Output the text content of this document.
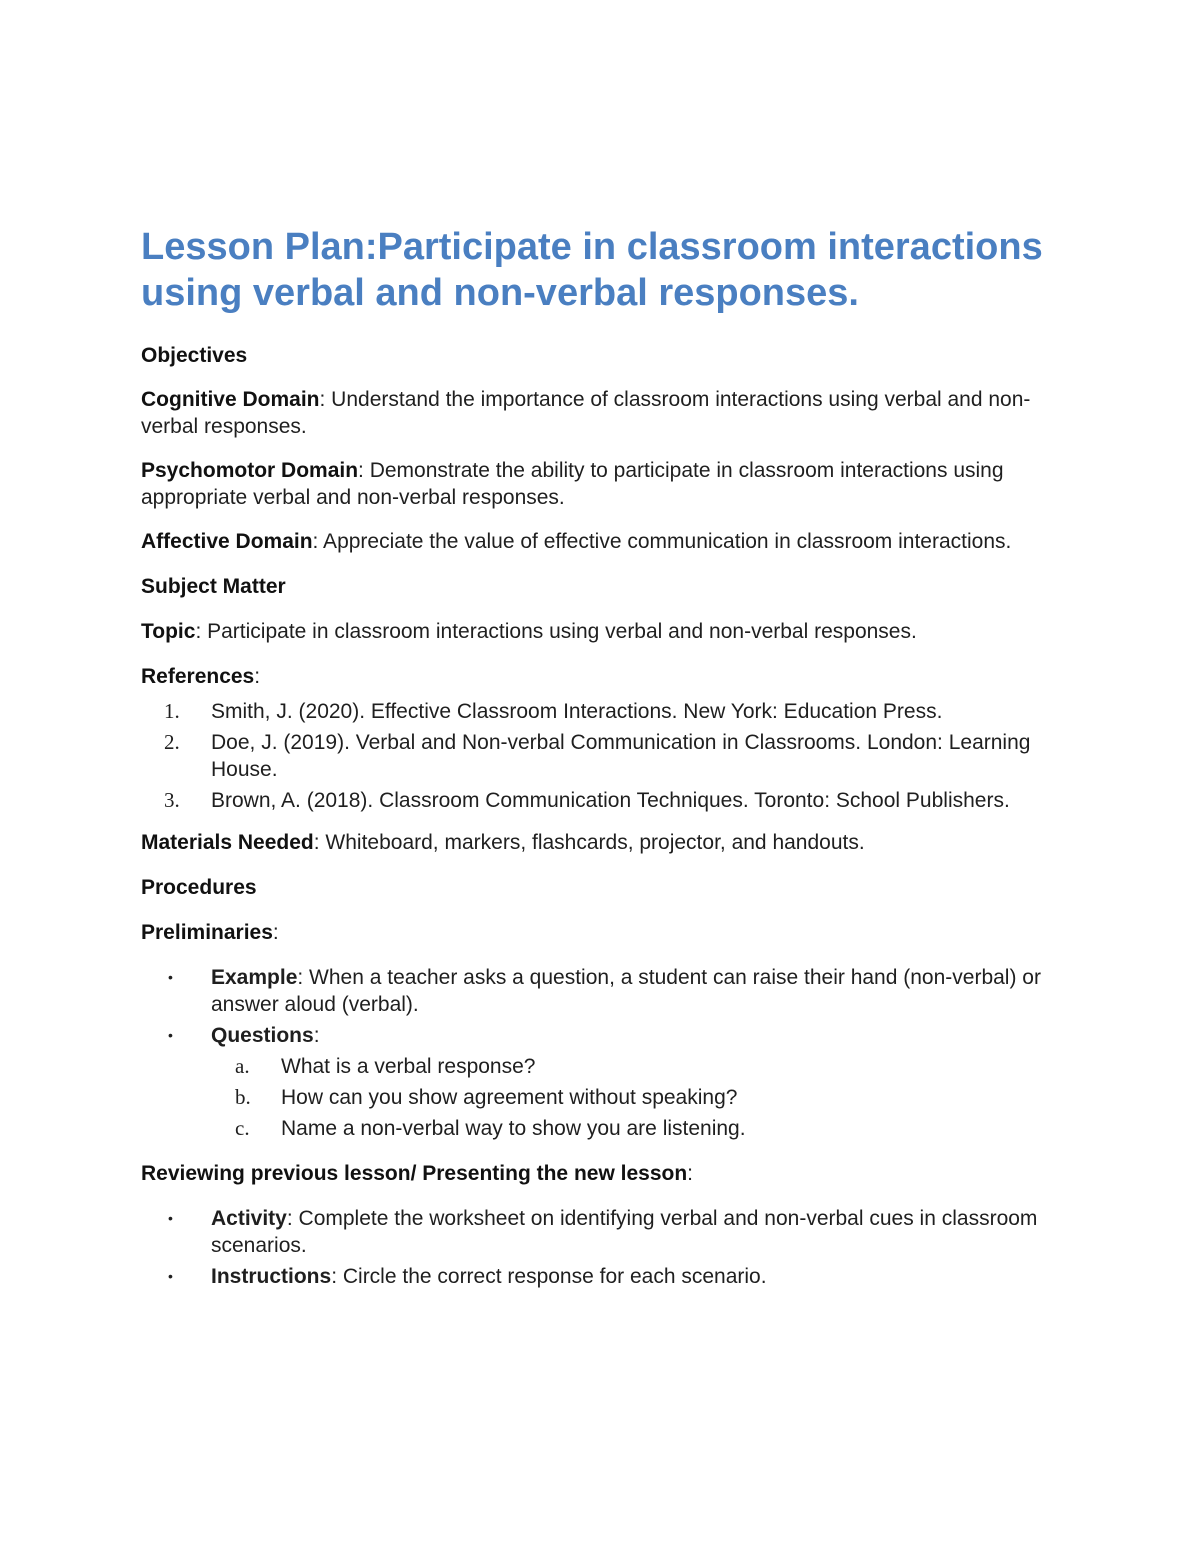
Lesson Plan:Participate in classroom interactions using verbal and non-verbal responses.
Objectives

Cognitive Domain: Understand the importance of classroom interactions using verbal and non-verbal responses.

Psychomotor Domain: Demonstrate the ability to participate in classroom interactions using appropriate verbal and non-verbal responses.

Affective Domain: Appreciate the value of effective communication in classroom interactions.

Subject Matter

Topic: Participate in classroom interactions using verbal and non-verbal responses.

References:

1. Smith, J. (2020). Effective Classroom Interactions. New York: Education Press.
2. Doe, J. (2019). Verbal and Non-verbal Communication in Classrooms. London: Learning House.
3. Brown, A. (2018). Classroom Communication Techniques. Toronto: School Publishers.

Materials Needed: Whiteboard, markers, flashcards, projector, and handouts.

Procedures

Preliminaries:

• Example: When a teacher asks a question, a student can raise their hand (non-verbal) or answer aloud (verbal).
• Questions:
a. What is a verbal response?
b. How can you show agreement without speaking?
c. Name a non-verbal way to show you are listening.

Reviewing previous lesson/ Presenting the new lesson:

• Activity: Complete the worksheet on identifying verbal and non-verbal cues in classroom scenarios.
• Instructions: Circle the correct response for each scenario.
